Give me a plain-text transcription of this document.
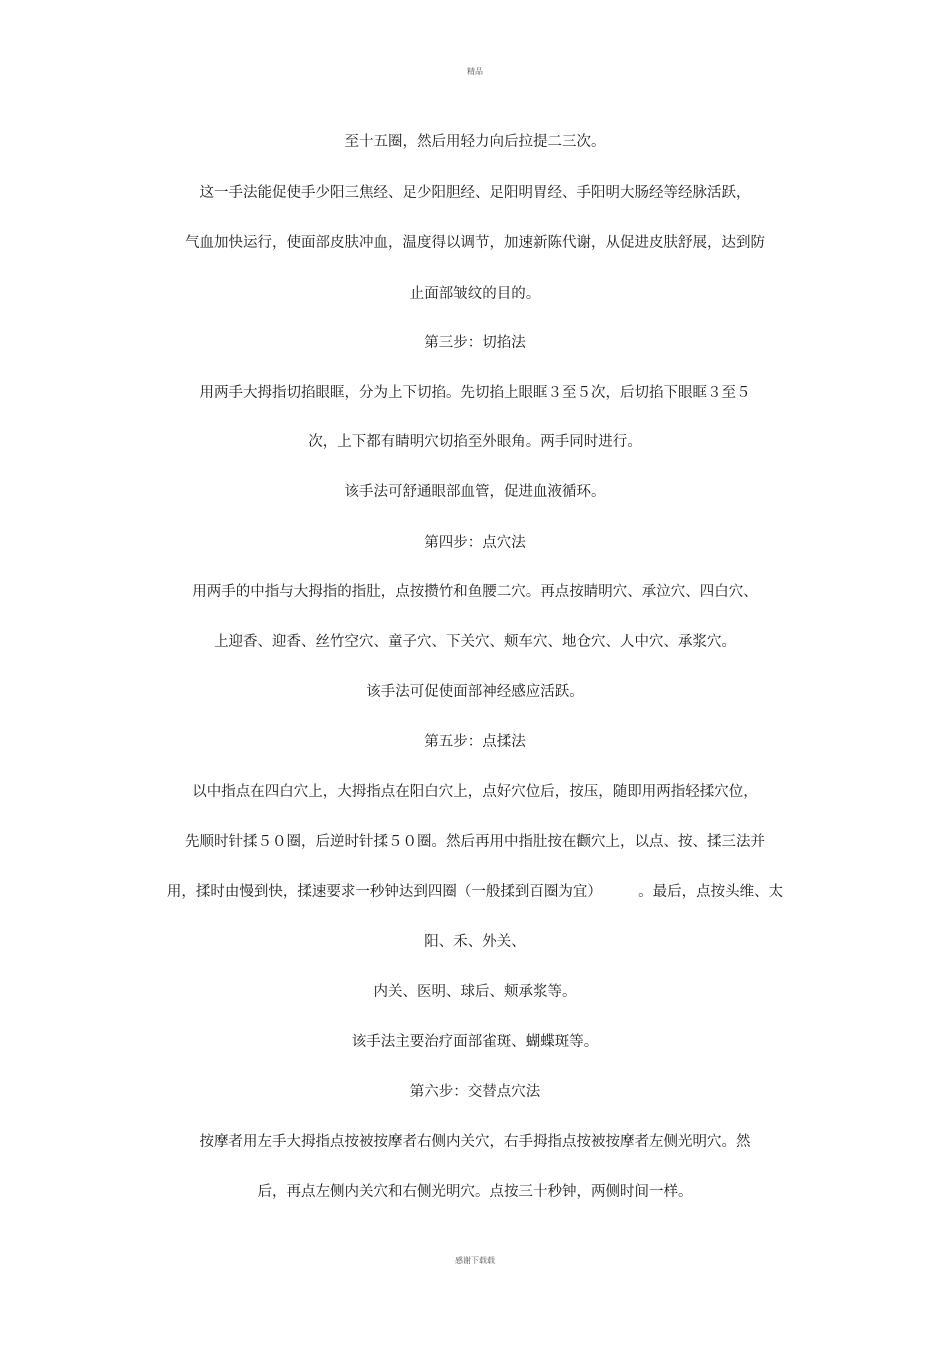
精品
至十五圈，然后用轻力向后拉提二三次。
这一手法能促使手少阳三焦经、足少阳胆经、足阳明胃经、手阳明大肠经等经脉活跃，
气血加快运行，使面部皮肤冲血，温度得以调节，加速新陈代谢，从促进皮肤舒展，达到防
止面部皱纹的目的。
第三步：切掐法
用两手大拇指切掐眼眶，分为上下切掐。先切掐上眼眶３至５次，后切掐下眼眶３至５
次，上下都有睛明穴切掐至外眼角。两手同时进行。
该手法可舒通眼部血管，促进血液循环。
第四步：点穴法
用两手的中指与大拇指的指肚，点按攒竹和鱼腰二穴。再点按睛明穴、承泣穴、四白穴、
上迎香、迎香、丝竹空穴、童子穴、下关穴、颊车穴、地仓穴、人中穴、承浆穴。
该手法可促使面部神经感应活跃。
第五步：点揉法
以中指点在四白穴上，大拇指点在阳白穴上，点好穴位后，按压，随即用两指轻揉穴位，
先顺时针揉５０圈，后逆时针揉５０圈。然后再用中指肚按在颧穴上，以点、按、揉三法并
用，揉时由慢到快，揉速要求一秒钟达到四圈（一般揉到百圈为宜）　　　。最后，点按头维、太
阳、禾、外关、
内关、医明、球后、颊承浆等。
该手法主要治疗面部雀斑、蝴蝶斑等。
第六步：交替点穴法
按摩者用左手大拇指点按被按摩者右侧内关穴，右手拇指点按被按摩者左侧光明穴。然
后，再点左侧内关穴和右侧光明穴。点按三十秒钟，两侧时间一样。
感谢下载载
